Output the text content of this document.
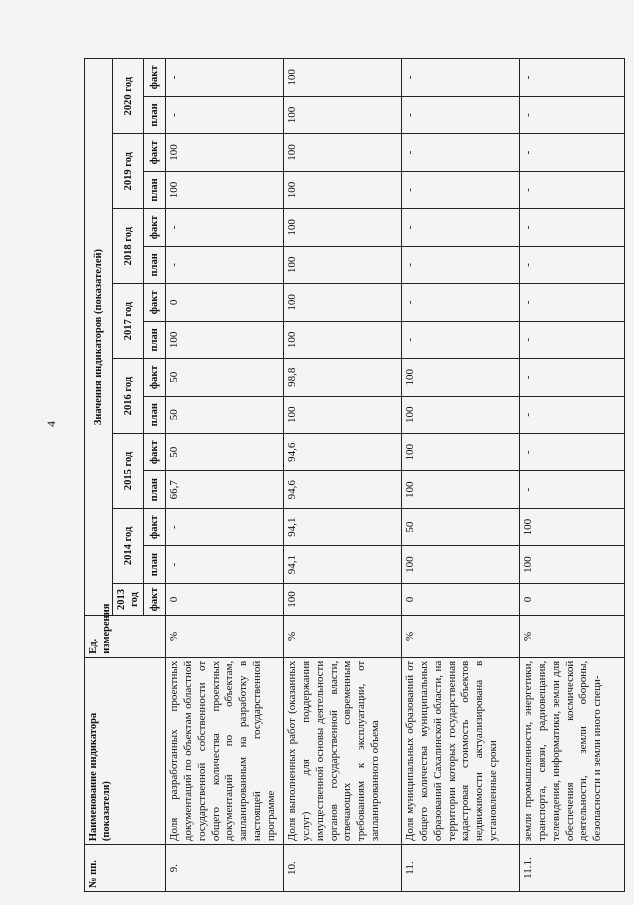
4
№ пп.	Наименование индикатора (показателя)	Ед. измерения	Значения индикаторов (показателей)														
			2013 год	2014 год		2015 год		2016 год		2017 год		2018 год		2019 год		2020 год	
			факт	план	факт	план	факт	план	факт	план	факт	план	факт	план	факт	план	факт
9.	Доля разработанных проектных документаций по объектам областной государственной собственности от общего количества проектных документаций по объектам, запланированным на разработку в настоящей государственной программе	%	0	-	-	66,7	50	50	50	100	0	-	-	100	100	-	-
10.	Доля выполненных работ (оказанных услуг) для поддержания имущественной основы деятельности органов государственной власти, отвечающих современным требованиям к эксплуатации, от запланированного объема	%	100	94,1	94,1	94,6	94,6	100	98,8	100	100	100	100	100	100	100	100
11.	Доля муниципальных образований от общего количества муниципальных образований Сахалинской области, на территории которых государственная кадастровая стоимость объектов недвижимости актуализирована в установленные сроки	%	0	100	50	100	100	100	100	-	-	-	-	-	-	-	-
11.1.	земли промышленности, энергетики, транспорта, связи, радиовещания, телевидения, информатики, земли для обеспечения космической деятельности, земли обороны, безопасности и земли иного специ-	%	0	100	100	-	-	-	-	-	-	-	-	-	-	-	-
